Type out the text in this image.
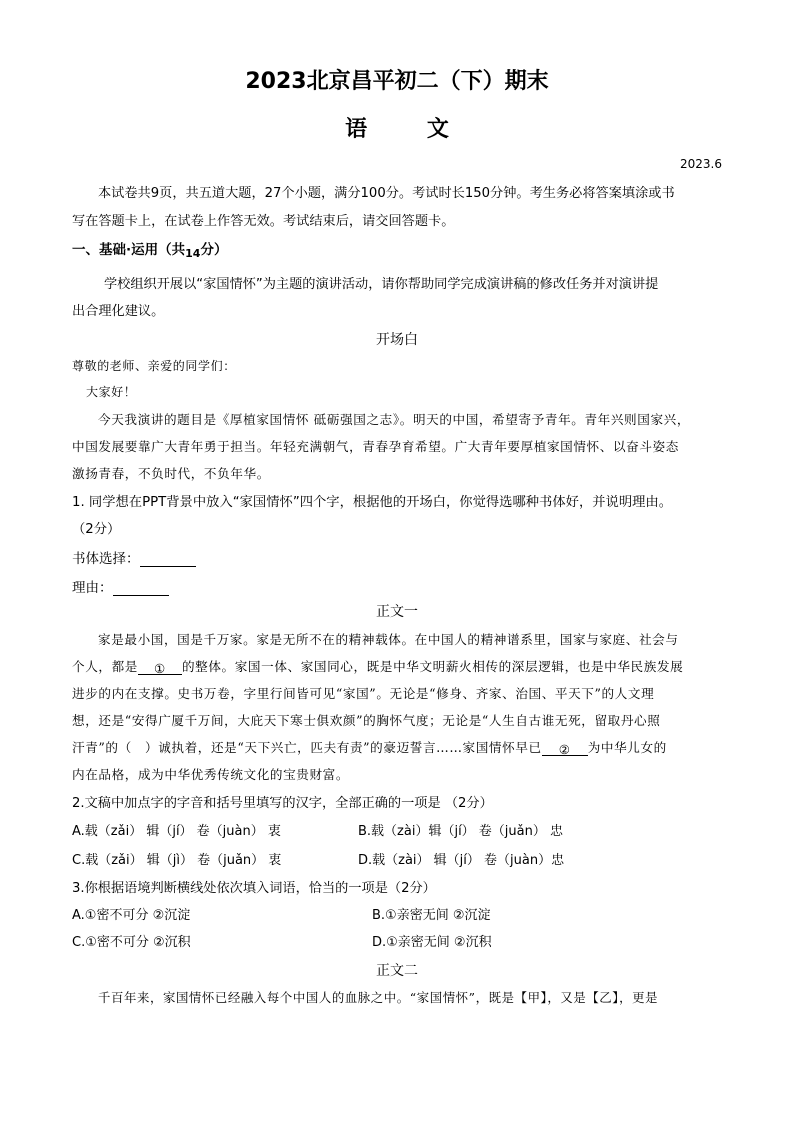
2023北京昌平初二（下）期末
语 文
2023.6
本试卷共9页，共五道大题，27个小题，满分100分。考试时长150分钟。考生务必将答案填涂或书
写在答题卡上，在试卷上作答无效。考试结束后，请交回答题卡。
一、基础·运用（共$_{14}$分）
学校组织开展以“家国情怀”为主题的演讲活动，请你帮助同学完成演讲稿的修改任务并对演讲提
出合理化建议。
开场白
尊敬的老师、亲爱的同学们：
大家好！
今天我演讲的题目是《厚植家国情怀 砥砺强国之志》。明天的中国，希望寄予青年。青年兴则国家兴，
中国发展要靠广大青年勇于担当。年轻充满朝气，青春孕育希望。广大青年要厚植家国情怀、以奋斗姿态
激扬青春，不负时代，不负年华。
1. 同学想在PPT背景中放入“家国情怀”四个字，根据他的开场白，你觉得选哪种书体好，并说明理由。
（2分）
书体选择：
理由：
正文一
家是最小国，国是千万家。家是无所不在的精神载体。在中国人的精神谱系里，国家与家庭、社会与
个人，都是 ① 的整体。家国一体、家国同心，既是中华文明薪火相传的深层逻辑，也是中华民族发展
进步的内在支撑。史书万卷，字里行间皆可见“家国”。无论是“修身、齐家、治国、平天下”的人文理
想，还是“安得广厦千万间，大庇天下寒士俱欢颜”的胸怀气度；无论是“人生自古谁无死，留取丹心照
汗青”的（　）诚执着，还是“天下兴亡，匹夫有责”的豪迈誓言……家国情怀早已 ② 为中华儿女的
内在品格，成为中华优秀传统文化的宝贵财富。
2.文稿中加点字的字音和括号里填写的汉字，全部正确的一项是 （2分）
A.载（zǎi） 辑（jí） 卷（juàn） 衷	B.载（zài）辑（jí） 卷（juǎn） 忠
C.载（zǎi） 辑（jì） 卷（juǎn） 衷	D.载（zài） 辑（jí） 卷（juàn）忠
3.你根据语境判断横线处依次填入词语，恰当的一项是（2分）
A.①密不可分 ②沉淀	B.①亲密无间 ②沉淀
C.①密不可分 ②沉积	D.①亲密无间 ②沉积
正文二
千百年来，家国情怀已经融入每个中国人的血脉之中。“家国情怀”，既是【甲】，又是【乙】，更是
